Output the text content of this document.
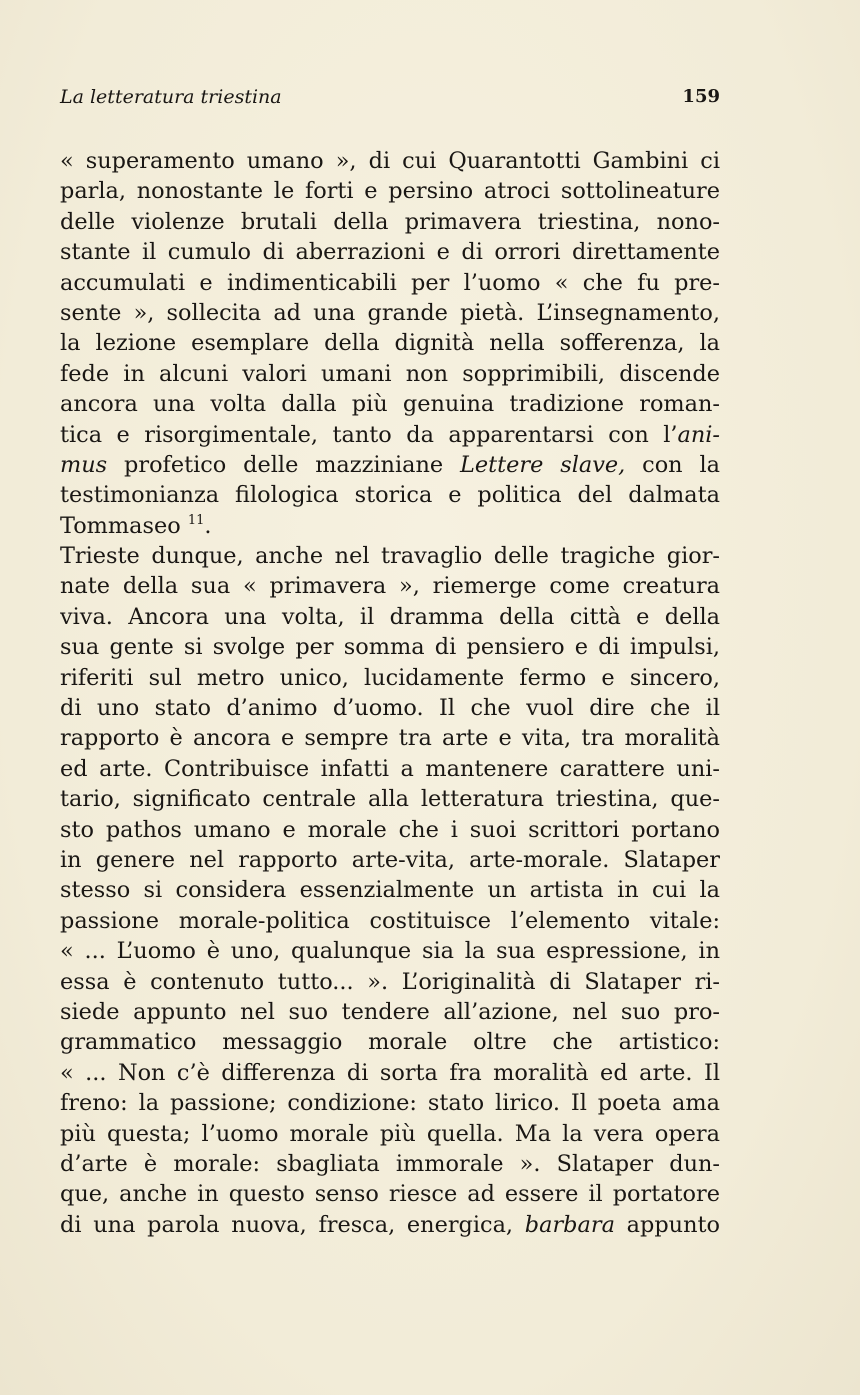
La letteratura triestina	159
« superamento umano », di cui Quarantotti Gambini ci
parla, nonostante le forti e persino atroci sottolineature
delle violenze brutali della primavera triestina, nono-
stante il cumulo di aberrazioni e di orrori direttamente
accumulati e indimenticabili per l’uomo « che fu pre-
sente », sollecita ad una grande pietà. L’insegnamento,
la lezione esemplare della dignità nella sofferenza, la
fede in alcuni valori umani non sopprimibili, discende
ancora una volta dalla più genuina tradizione roman-
tica e risorgimentale, tanto da apparentarsi con l’ani-
mus profetico delle mazziniane Lettere slave, con la
testimonianza filologica storica e politica del dalmata
Tommaseo $^{11}$.
Trieste dunque, anche nel travaglio delle tragiche gior-
nate della sua « primavera », riemerge come creatura
viva. Ancora una volta, il dramma della città e della
sua gente si svolge per somma di pensiero e di impulsi,
riferiti sul metro unico, lucidamente fermo e sincero,
di uno stato d’animo d’uomo. Il che vuol dire che il
rapporto è ancora e sempre tra arte e vita, tra moralità
ed arte. Contribuisce infatti a mantenere carattere uni-
tario, significato centrale alla letteratura triestina, que-
sto pathos umano e morale che i suoi scrittori portano
in genere nel rapporto arte-vita, arte-morale. Slataper
stesso si considera essenzialmente un artista in cui la
passione morale-politica costituisce l’elemento vitale:
« ... L’uomo è uno, qualunque sia la sua espressione, in
essa è contenuto tutto... ». L’originalità di Slataper ri-
siede appunto nel suo tendere all’azione, nel suo pro-
grammatico messaggio morale oltre che artistico:
« ... Non c’è differenza di sorta fra moralità ed arte. Il
freno: la passione; condizione: stato lirico. Il poeta ama
più questa; l’uomo morale più quella. Ma la vera opera
d’arte è morale: sbagliata immorale ». Slataper dun-
que, anche in questo senso riesce ad essere il portatore
di una parola nuova, fresca, energica, barbara appunto
